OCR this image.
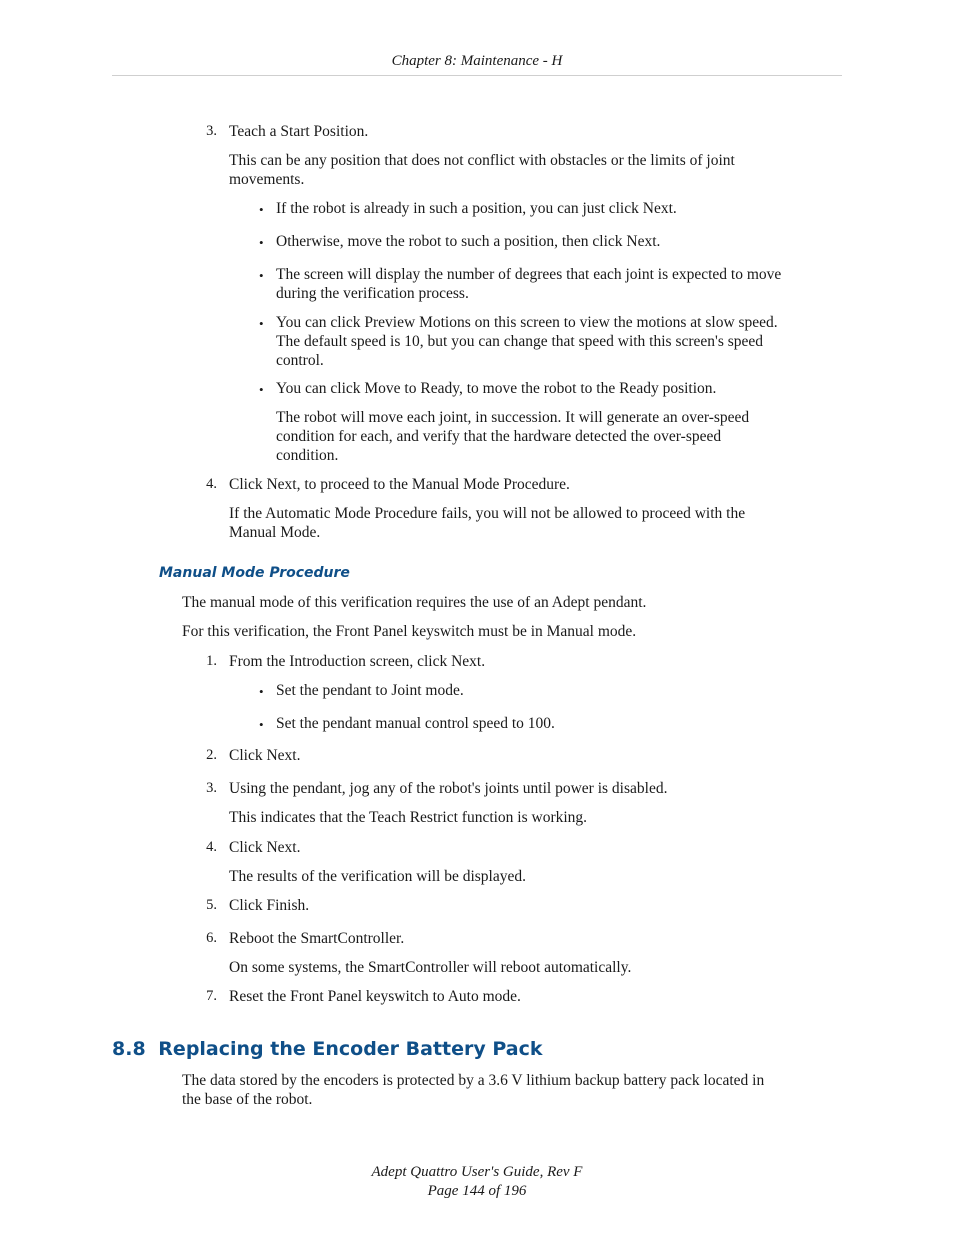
Chapter 8: Maintenance - H
3. Teach a Start Position.
This can be any position that does not conflict with obstacles or the limits of joint
movements.
• If the robot is already in such a position, you can just click Next.
• Otherwise, move the robot to such a position, then click Next.
• The screen will display the number of degrees that each joint is expected to move
during the verification process.
• You can click Preview Motions on this screen to view the motions at slow speed.
The default speed is 10, but you can change that speed with this screen's speed
control.
• You can click Move to Ready, to move the robot to the Ready position.
The robot will move each joint, in succession. It will generate an over-speed
condition for each, and verify that the hardware detected the over-speed
condition.
4. Click Next, to proceed to the Manual Mode Procedure.
If the Automatic Mode Procedure fails, you will not be allowed to proceed with the
Manual Mode.
Manual Mode Procedure
The manual mode of this verification requires the use of an Adept pendant.
For this verification, the Front Panel keyswitch must be in Manual mode.
1. From the Introduction screen, click Next.
• Set the pendant to Joint mode.
• Set the pendant manual control speed to 100.
2. Click Next.
3. Using the pendant, jog any of the robot's joints until power is disabled.
This indicates that the Teach Restrict function is working.
4. Click Next.
The results of the verification will be displayed.
5. Click Finish.
6. Reboot the SmartController.
On some systems, the SmartController will reboot automatically.
7. Reset the Front Panel keyswitch to Auto mode.
8.8 Replacing the Encoder Battery Pack
The data stored by the encoders is protected by a 3.6 V lithium backup battery pack located in
the base of the robot.
Adept Quattro User's Guide, Rev F
Page 144 of 196
